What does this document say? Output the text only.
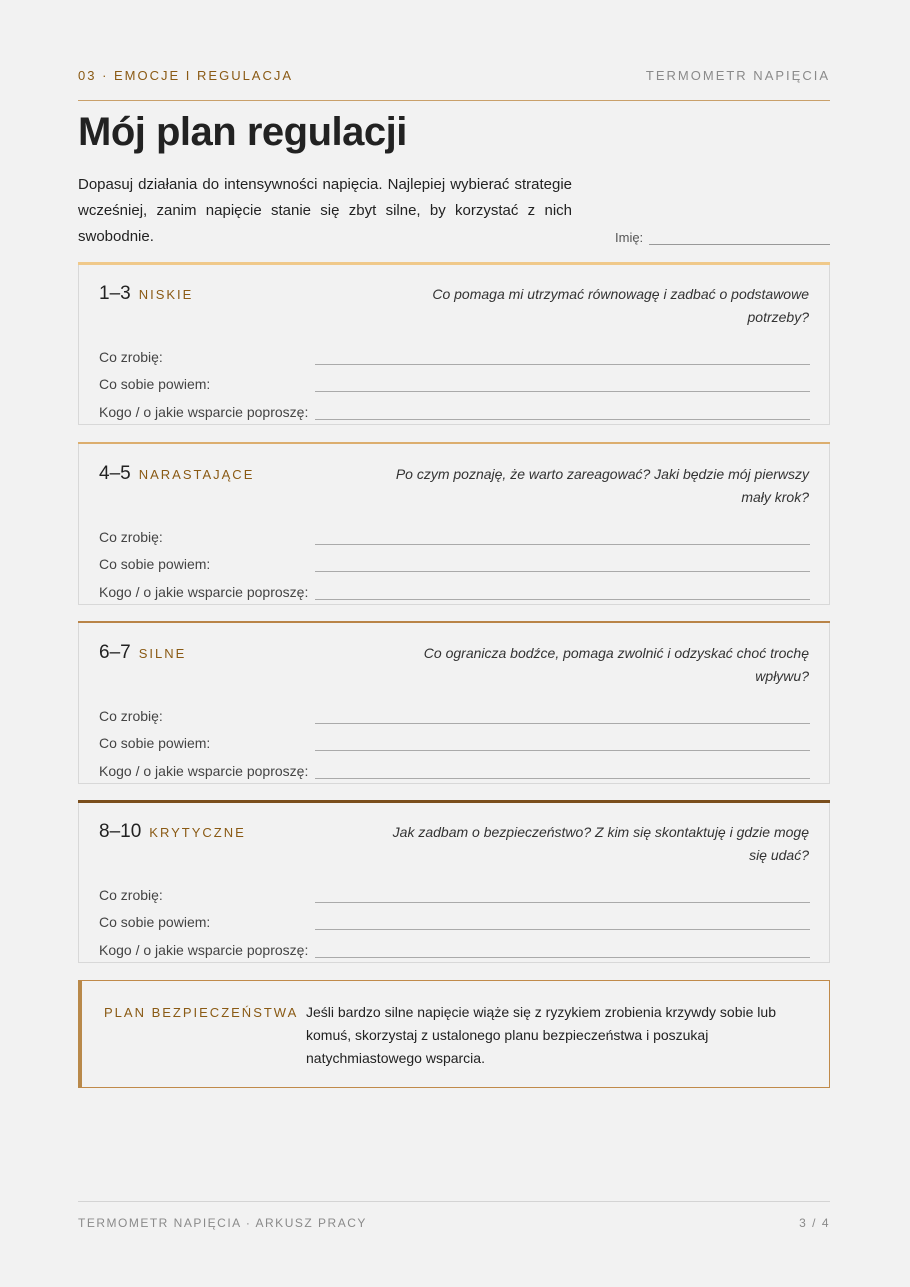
03 · EMOCJE I REGULACJA	TERMOMETR NAPIĘCIA
Mój plan regulacji

Dopasuj działania do intensywności napięcia. Najlepiej wybierać strategie wcześniej, zanim napięcie stanie się zbyt silne, by korzystać z nich swobodnie.	Imię:
1–3 NISKIE	Co pomaga mi utrzymać równowagę i zadbać o podstawowe potrzeby?
Co zrobię:
Co sobie powiem:
Kogo / o jakie wsparcie poproszę:
4–5 NARASTAJĄCE	Po czym poznaję, że warto zareagować? Jaki będzie mój pierwszy mały krok?
Co zrobię:
Co sobie powiem:
Kogo / o jakie wsparcie poproszę:
6–7 SILNE	Co ogranicza bodźce, pomaga zwolnić i odzyskać choć trochę wpływu?
Co zrobię:
Co sobie powiem:
Kogo / o jakie wsparcie poproszę:
8–10 KRYTYCZNE	Jak zadbam o bezpieczeństwo? Z kim się skontaktuję i gdzie mogę się udać?
Co zrobię:
Co sobie powiem:
Kogo / o jakie wsparcie poproszę:
PLAN BEZPIECZEŃSTWA Jeśli bardzo silne napięcie wiąże się z ryzykiem zrobienia krzywdy sobie lub komuś, skorzystaj z ustalonego planu bezpieczeństwa i poszukaj natychmiastowego wsparcia.

TERMOMETR NAPIĘCIA · ARKUSZ PRACY	3 / 4
